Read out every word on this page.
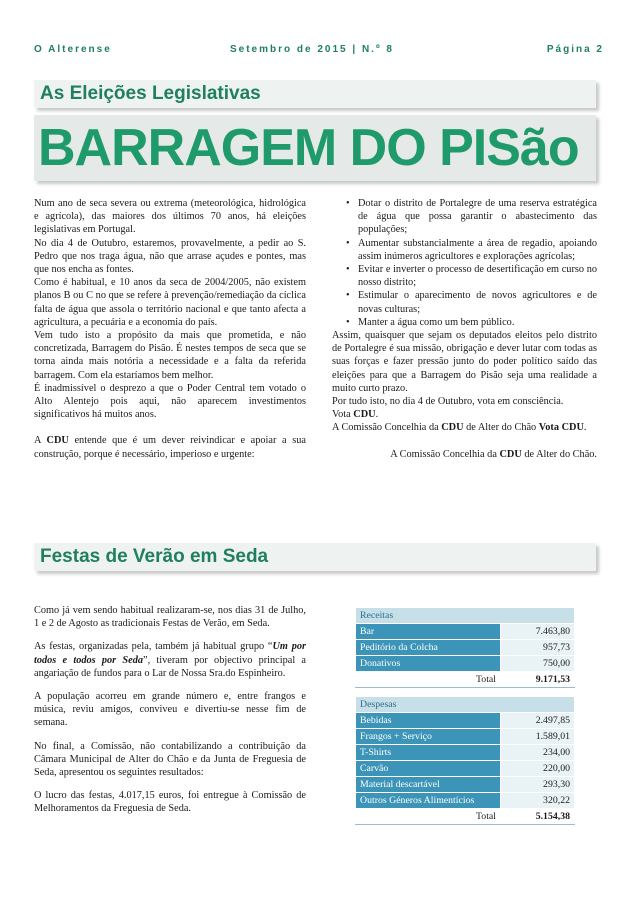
O Alterense	Setembro de 2015 | N.º 8	Página 2
As Eleições Legislativas
BARRAGEM DO PISão

Num ano de seca severa ou extrema (meteorológica, hidrológica e agrícola), das maiores dos últimos 70 anos, há eleições legislativas em Portugal.

No dia 4 de Outubro, estaremos, provavelmente, a pedir ao S. Pedro que nos traga água, não que arrase açudes e pontes, mas que nos encha as fontes.

Como é habitual, e 10 anos da seca de 2004/2005, não existem planos B ou C no que se refere à prevenção/remediação da cíclica falta de água que assola o território nacional e que tanto afecta a agricultura, a pecuária e a economia do país.

Vem tudo isto a propósito da mais que prometida, e não concretizada, Barragem do Pisão. É nestes tempos de seca que se torna ainda mais notória a necessidade e a falta da referida barragem. Com ela estaríamos bem melhor.

É inadmissível o desprezo a que o Poder Central tem votado o Alto Alentejo pois aqui, não aparecem investimentos significativos há muitos anos.

A CDU entende que é um dever reivindicar e apoiar a sua construção, porque é necessário, imperioso e urgente:

• Dotar o distrito de Portalegre de uma reserva estratégica de água que possa garantir o abastecimento das populações;
• Aumentar substancialmente a área de regadio, apoiando assim inúmeros agricultores e explorações agrícolas;
• Evitar e inverter o processo de desertificação em curso no nosso distrito;
• Estimular o aparecimento de novos agricultores e de novas culturas;
• Manter a água como um bem público.

Assim, quaisquer que sejam os deputados eleitos pelo distrito de Portalegre é sua missão, obrigação e dever lutar com todas as suas forças e fazer pressão junto do poder político saído das eleições para que a Barragem do Pisão seja uma realidade a muito curto prazo.

Por tudo isto, no dia 4 de Outubro, vota em consciência.

Vota CDU.

A Comissão Concelhia da CDU de Alter do Chão Vota CDU.

A Comissão Concelhia da CDU de Alter do Chão.

Festas de Verão em Seda

Como já vem sendo habitual realizaram-se, nos dias 31 de Julho, 1 e 2 de Agosto as tradicionais Festas de Verão, em Seda.

As festas, organizadas pela, também já habitual grupo “Um por todos e todos por Seda”, tiveram por objectivo principal a angariação de fundos para o Lar de Nossa Sra.do Espinheiro.

A população acorreu em grande número e, entre frangos e música, reviu amigos, conviveu e divertiu-se nesse fim de semana.

No final, a Comissão, não contabilizando a contribuição da Câmara Municipal de Alter do Chão e da Junta de Freguesia de Seda, apresentou os seguintes resultados:

O lucro das festas, 4.017,15 euros, foi entregue à Comissão de Melhoramentos da Freguesia de Seda.

Receitas	
Bar	7.463,80
Peditório da Colcha	957,73
Donativos	750,00
Total	9.171,53
Despesas	
Bebidas	2.497,85
Frangos + Serviço	1.589,01
T-Shirts	234,00
Carvão	220,00
Material descartável	293,30
Outros Géneros Alimentícios	320,22
Total	5.154,38
